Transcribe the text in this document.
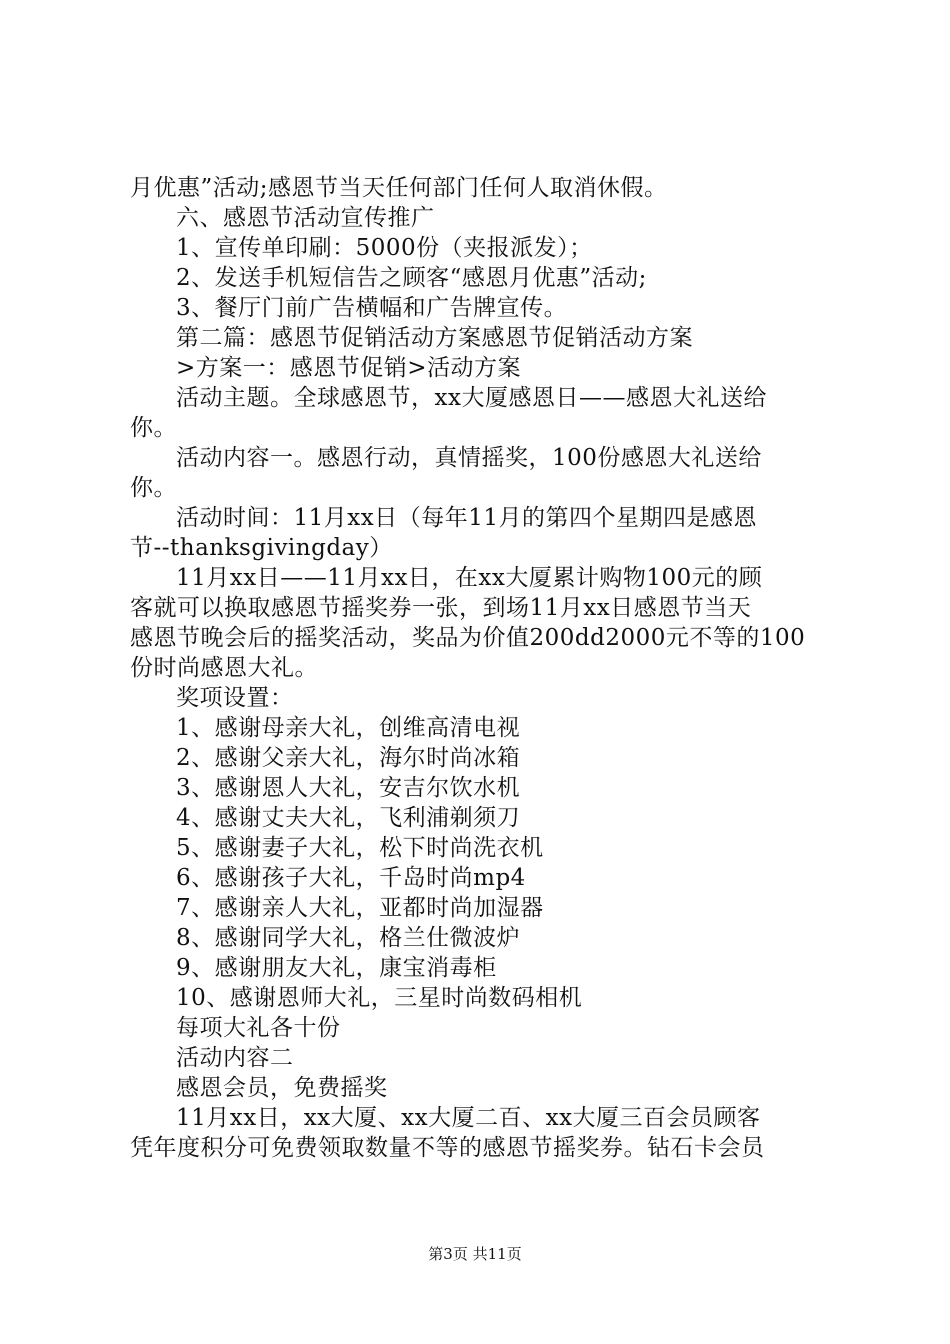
月优惠”活动;感恩节当天任何部门任何人取消休假。
六、感恩节活动宣传推广
1、宣传单印刷：5000份（夹报派发）；
2、发送手机短信告之顾客“感恩月优惠”活动;
3、餐厅门前广告横幅和广告牌宣传。
第二篇：感恩节促销活动方案感恩节促销活动方案
>方案一：感恩节促销>活动方案
活动主题。全球感恩节，xx大厦感恩日——感恩大礼送给
你。
活动内容一。感恩行动，真情摇奖，100份感恩大礼送给
你。
活动时间：11月xx日（每年11月的第四个星期四是感恩
节--thanksgivingday）
11月xx日——11月xx日，在xx大厦累计购物100元的顾
客就可以换取感恩节摇奖券一张，到场11月xx日感恩节当天
感恩节晚会后的摇奖活动，奖品为价值200dd2000元不等的100
份时尚感恩大礼。
奖项设置：
1、感谢母亲大礼，创维高清电视
2、感谢父亲大礼，海尔时尚冰箱
3、感谢恩人大礼，安吉尔饮水机
4、感谢丈夫大礼，飞利浦剃须刀
5、感谢妻子大礼，松下时尚洗衣机
6、感谢孩子大礼，千岛时尚mp4
7、感谢亲人大礼，亚都时尚加湿器
8、感谢同学大礼，格兰仕微波炉
9、感谢朋友大礼，康宝消毒柜
10、感谢恩师大礼，三星时尚数码相机
每项大礼各十份
活动内容二
感恩会员，免费摇奖
11月xx日，xx大厦、xx大厦二百、xx大厦三百会员顾客
凭年度积分可免费领取数量不等的感恩节摇奖券。钻石卡会员
第3页 共11页
